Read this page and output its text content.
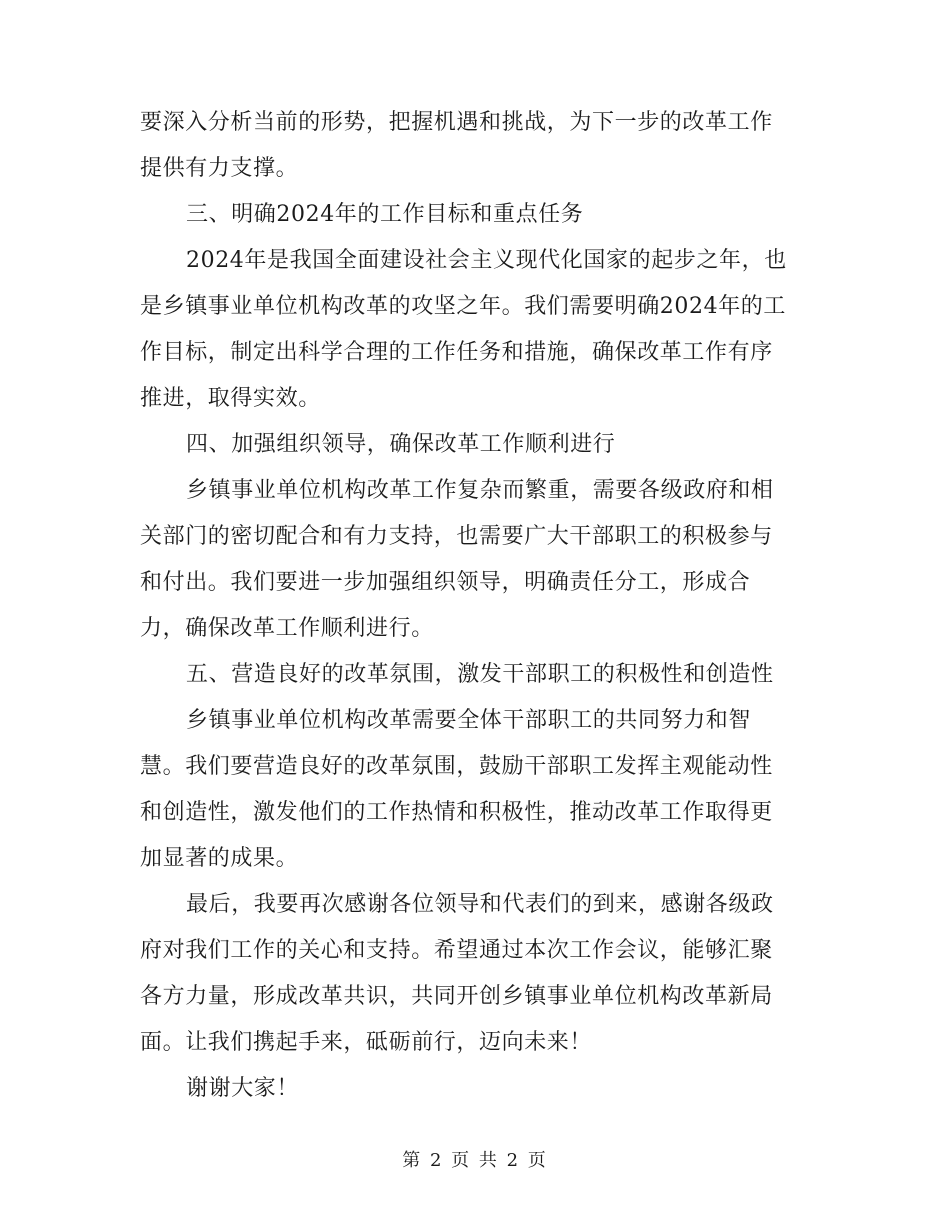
要深入分析当前的形势，把握机遇和挑战，为下一步的改革工作
提供有力支撑。
三、明确2024年的工作目标和重点任务
2024年是我国全面建设社会主义现代化国家的起步之年，也
是乡镇事业单位机构改革的攻坚之年。我们需要明确2024年的工
作目标，制定出科学合理的工作任务和措施，确保改革工作有序
推进，取得实效。
四、加强组织领导，确保改革工作顺利进行
乡镇事业单位机构改革工作复杂而繁重，需要各级政府和相
关部门的密切配合和有力支持，也需要广大干部职工的积极参与
和付出。我们要进一步加强组织领导，明确责任分工，形成合
力，确保改革工作顺利进行。
五、营造良好的改革氛围，激发干部职工的积极性和创造性
乡镇事业单位机构改革需要全体干部职工的共同努力和智
慧。我们要营造良好的改革氛围，鼓励干部职工发挥主观能动性
和创造性，激发他们的工作热情和积极性，推动改革工作取得更
加显著的成果。
最后，我要再次感谢各位领导和代表们的到来，感谢各级政
府对我们工作的关心和支持。希望通过本次工作会议，能够汇聚
各方力量，形成改革共识，共同开创乡镇事业单位机构改革新局
面。让我们携起手来，砥砺前行，迈向未来！
谢谢大家！
第 2 页 共 2 页
